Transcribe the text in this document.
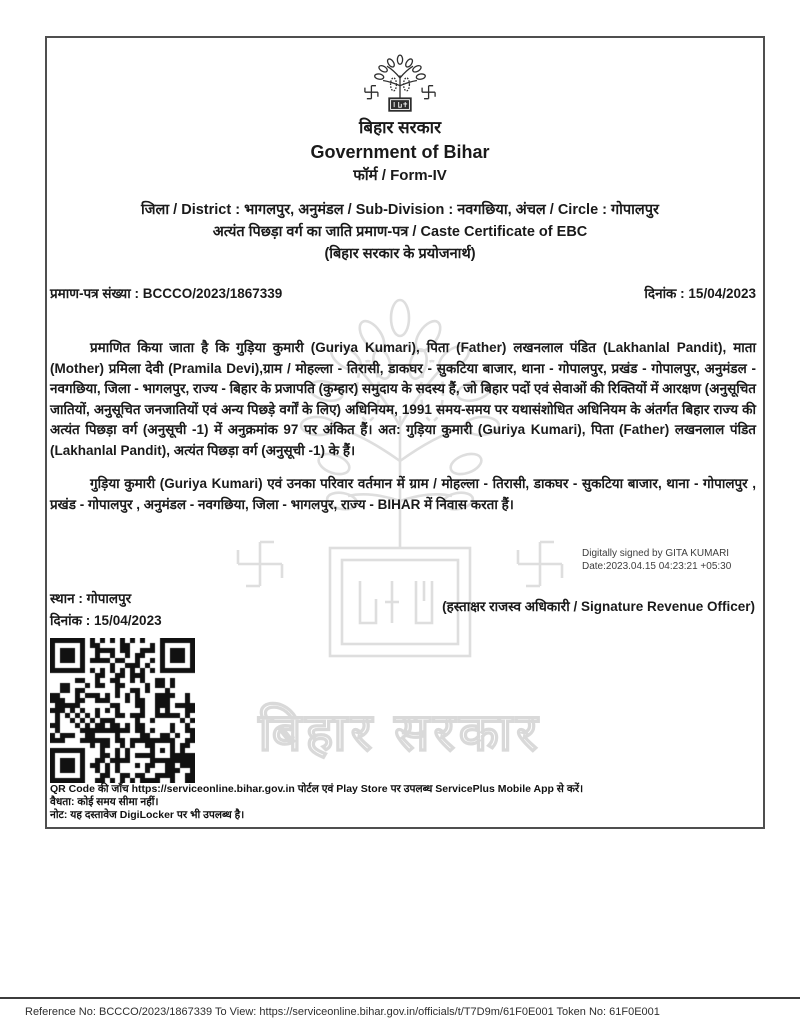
बिहार सरकार
बिहार सरकार
Government of Bihar
फॉर्म / Form-IV
जिला / District : भागलपुर, अनुमंडल / Sub-Division : नवगछिया, अंचल / Circle : गोपालपुर
अत्यंत पिछड़ा वर्ग का जाति प्रमाण-पत्र / Caste Certificate of EBC
(बिहार सरकार के प्रयोजनार्थ)
प्रमाण-पत्र संख्या : BCCCO/2023/1867339	दिनांक : 15/04/2023
प्रमाणित किया जाता है कि गुड़िया कुमारी (Guriya Kumari), पिता (Father) लखनलाल पंडित (Lakhanlal Pandit), माता (Mother) प्रमिला देवी (Pramila Devi),ग्राम / मोहल्ला - तिरासी, डाकघर - सुकटिया बाजार, थाना - गोपालपुर, प्रखंड - गोपालपुर, अनुमंडल - नवगछिया, जिला - भागलपुर, राज्य - बिहार के प्रजापति (कुम्हार) समुदाय के सदस्य हैं, जो बिहार पदों एवं सेवाओं की रिक्तियों में आरक्षण (अनुसूचित जातियों, अनुसूचित जनजातियों एवं अन्य पिछड़े वर्गों के लिए) अधिनियम, 1991 समय-समय पर यथासंशोधित अधिनियम के अंतर्गत बिहार राज्य की अत्यंत पिछड़ा वर्ग (अनुसूची -1) में अनुक्रमांक 97 पर अंकित हैं। अत: गुड़िया कुमारी (Guriya Kumari), पिता (Father) लखनलाल पंडित (Lakhanlal Pandit), अत्यंत पिछड़ा वर्ग (अनुसूची -1) के हैं।
गुड़िया कुमारी (Guriya Kumari) एवं उनका परिवार वर्तमान में ग्राम / मोहल्ला - तिरासी, डाकघर - सुकटिया बाजार, थाना - गोपालपुर , प्रखंड - गोपालपुर , अनुमंडल - नवगछिया, जिला - भागलपुर, राज्य - BIHAR में निवास करता हैं।
Digitally signed by GITA KUMARI
Date:2023.04.15 04:23:21 +05:30
स्थान : गोपालपुर
दिनांक : 15/04/2023
(हस्ताक्षर राजस्व अधिकारी / Signature Revenue Officer)
QR Code की जाँच https://serviceonline.bihar.gov.in पोर्टल एवं Play Store पर उपलब्ध ServicePlus Mobile App से करें।
वैधता: कोई समय सीमा नहीं।
नोट: यह दस्तावेज DigiLocker पर भी उपलब्ध है।
Reference No: BCCCO/2023/1867339 To View: https://serviceonline.bihar.gov.in/officials/t/T7D9m/61F0E001 Token No: 61F0E001
